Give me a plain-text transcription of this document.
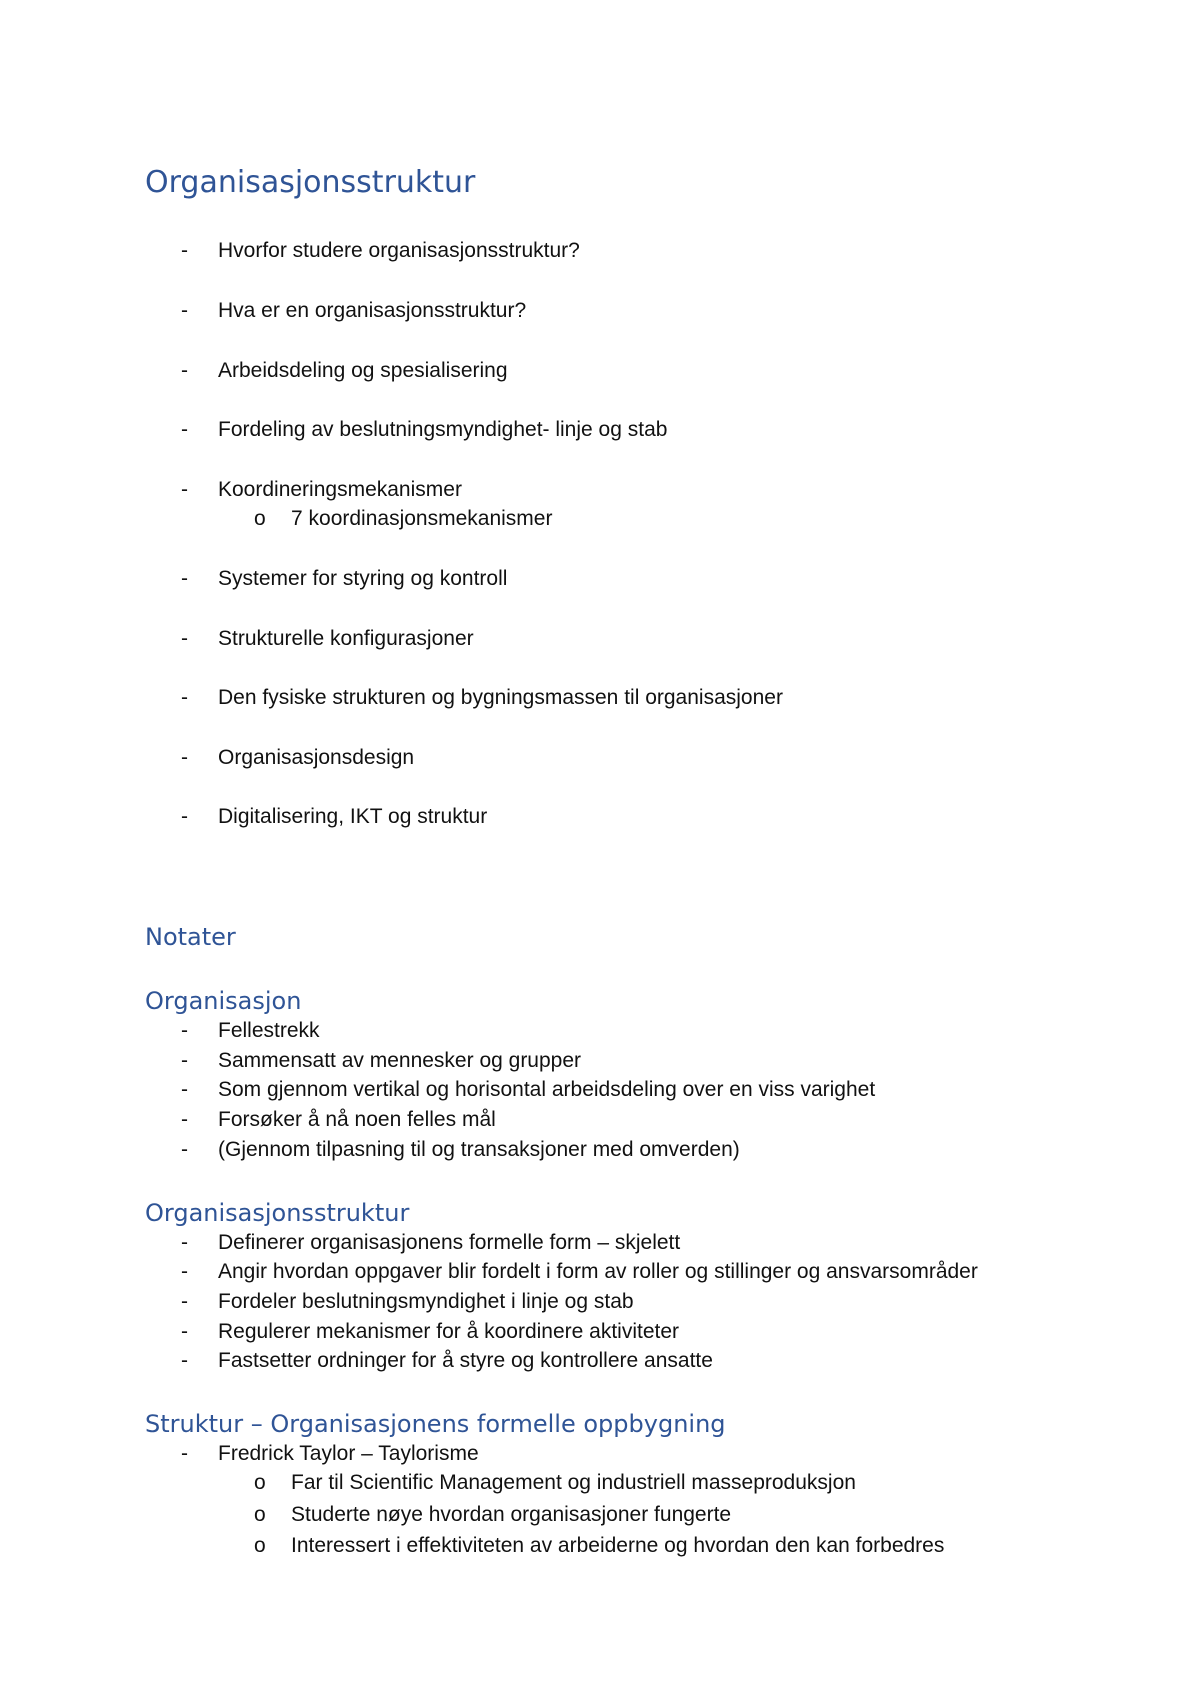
Organisasjonsstruktur
-	Hvorfor studere organisasjonsstruktur?
-	Hva er en organisasjonsstruktur?
-	Arbeidsdeling og spesialisering
-	Fordeling av beslutningsmyndighet- linje og stab
-	Koordineringsmekanismer
o 7 koordinasjonsmekanismer
-	Systemer for styring og kontroll
-	Strukturelle konfigurasjoner
-	Den fysiske strukturen og bygningsmassen til organisasjoner
-	Organisasjonsdesign
-	Digitalisering, IKT og struktur
Notater
Organisasjon
-	Fellestrekk
-	Sammensatt av mennesker og grupper
-	Som gjennom vertikal og horisontal arbeidsdeling over en viss varighet
-	Forsøker å nå noen felles mål
-	(Gjennom tilpasning til og transaksjoner med omverden)
Organisasjonsstruktur
-	Definerer organisasjonens formelle form – skjelett
-	Angir hvordan oppgaver blir fordelt i form av roller og stillinger og ansvarsområder
-	Fordeler beslutningsmyndighet i linje og stab
-	Regulerer mekanismer for å koordinere aktiviteter
-	Fastsetter ordninger for å styre og kontrollere ansatte
Struktur – Organisasjonens formelle oppbygning
-	Fredrick Taylor – Taylorisme
o Far til Scientific Management og industriell masseproduksjon
o Studerte nøye hvordan organisasjoner fungerte
o Interessert i effektiviteten av arbeiderne og hvordan den kan forbedres
